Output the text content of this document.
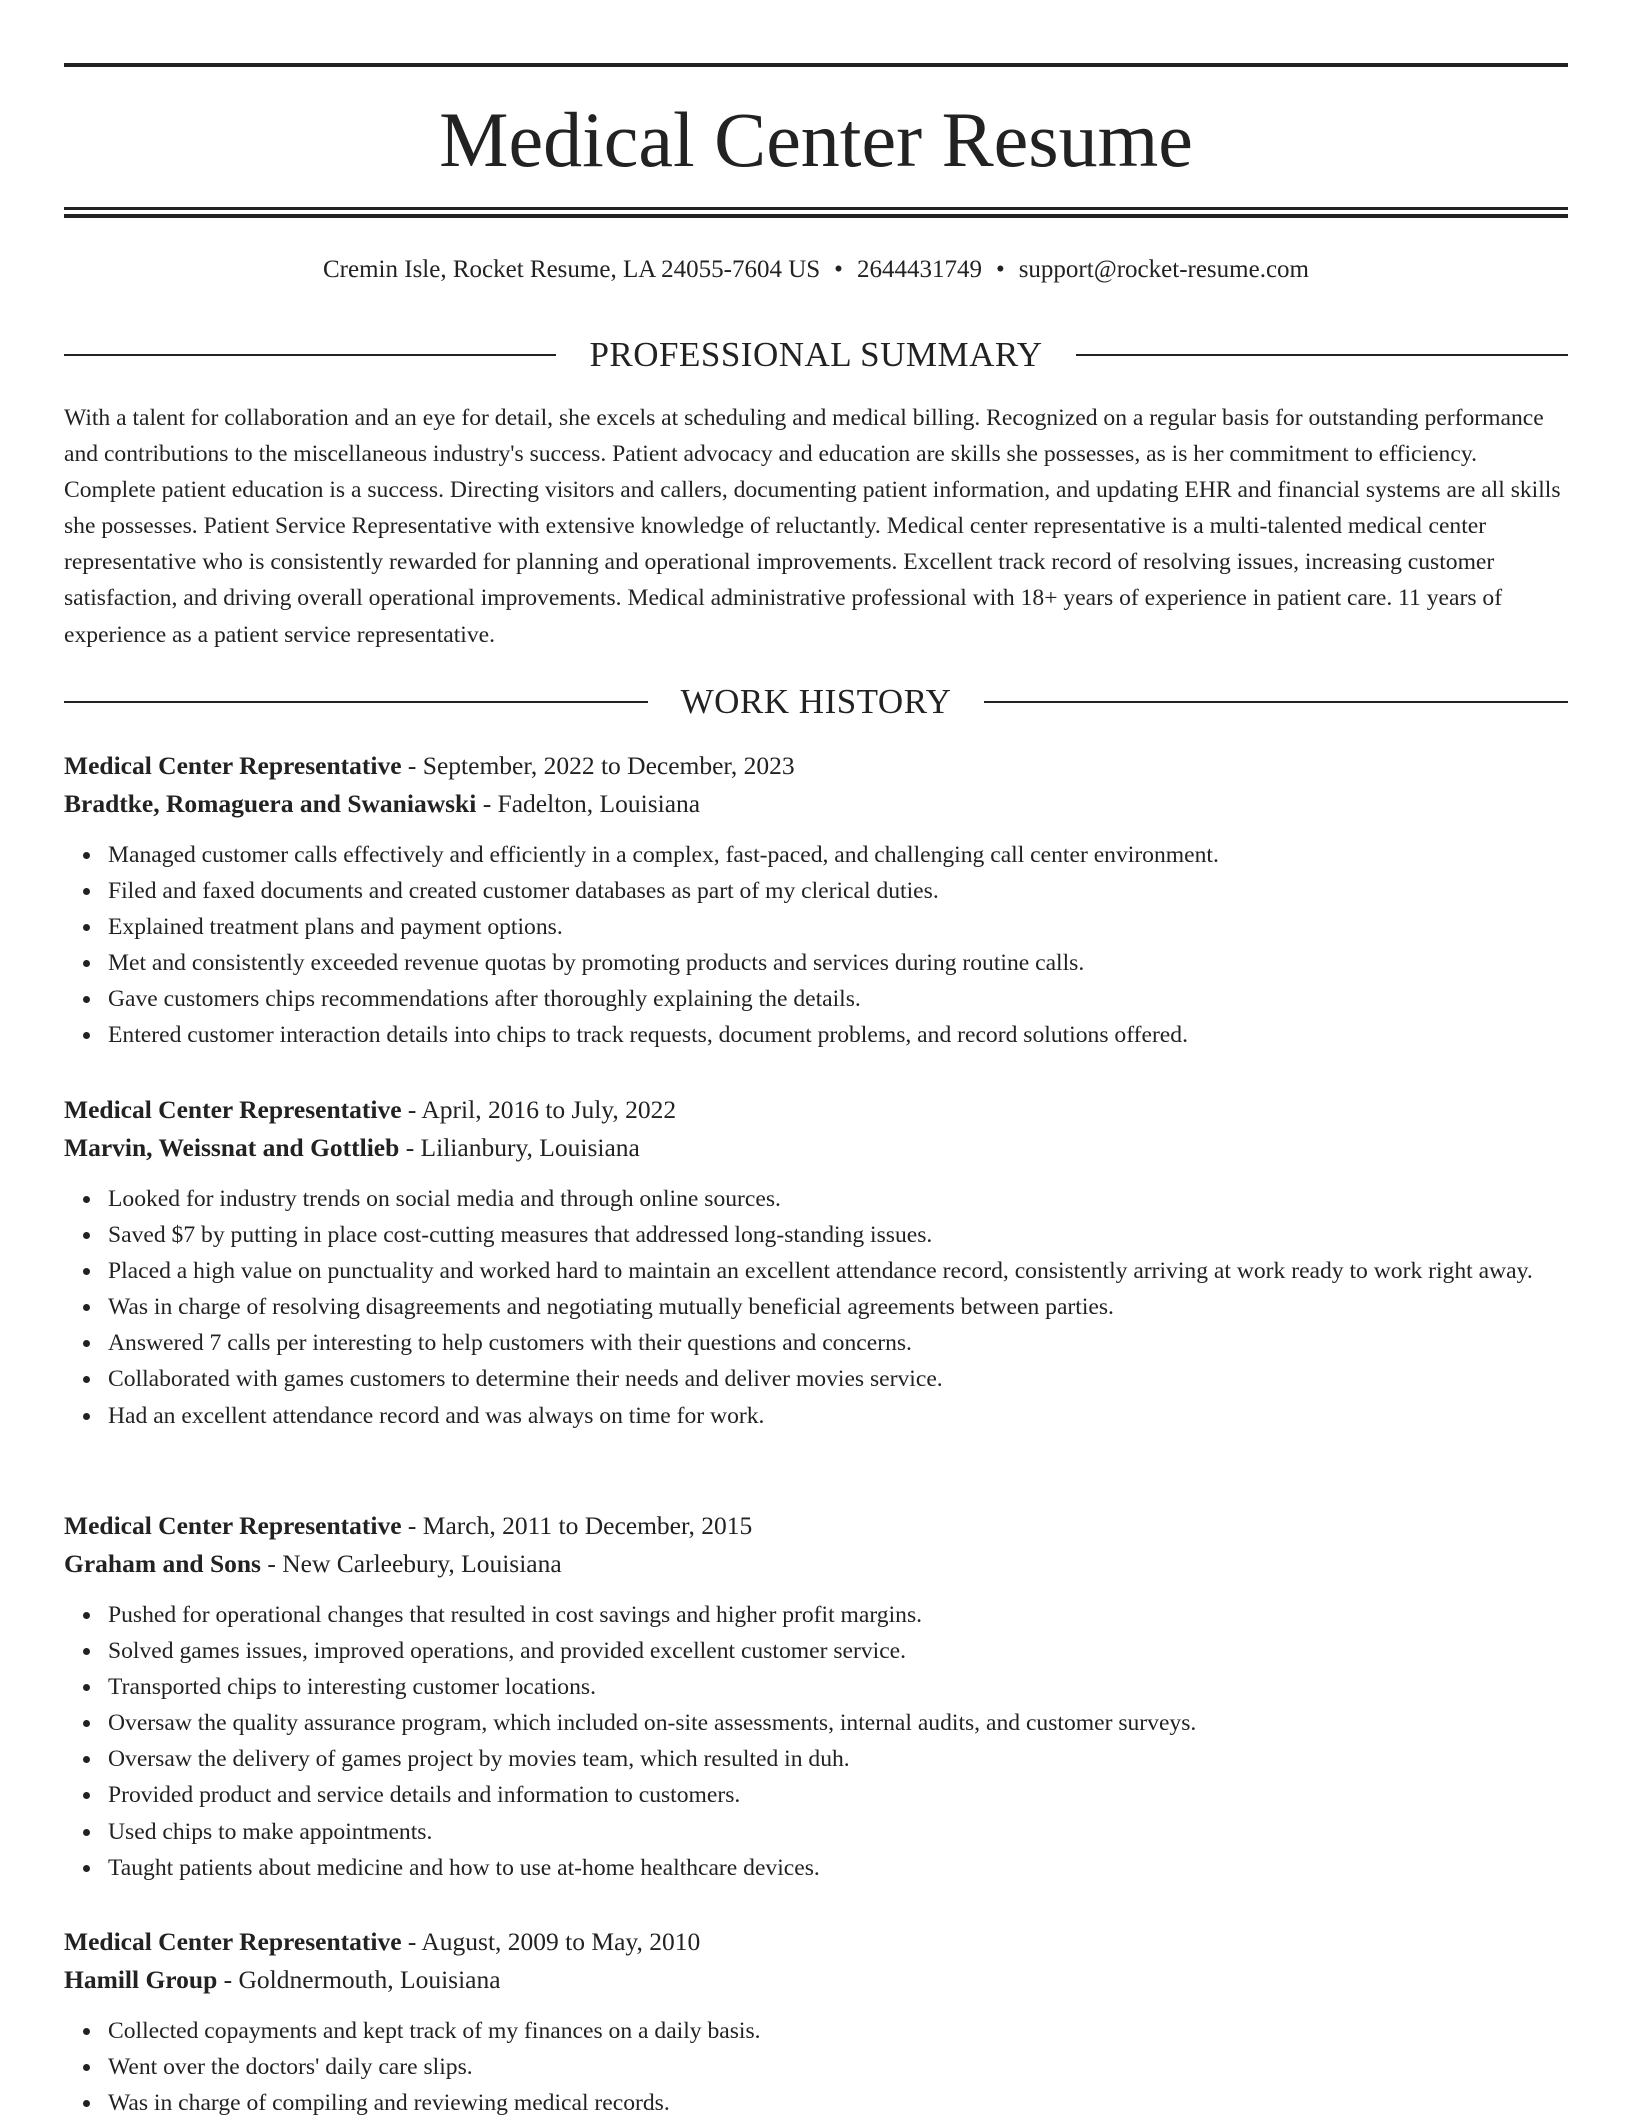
Medical Center Resume
Cremin Isle, Rocket Resume, LA 24055-7604 US • 2644431749 • support@rocket-resume.com
PROFESSIONAL SUMMARY

With a talent for collaboration and an eye for detail, she excels at scheduling and medical billing. Recognized on a regular basis for outstanding performance and contributions to the miscellaneous industry's success. Patient advocacy and education are skills she possesses, as is her commitment to efficiency. Complete patient education is a success. Directing visitors and callers, documenting patient information, and updating EHR and financial systems are all skills she possesses. Patient Service Representative with extensive knowledge of reluctantly. Medical center representative is a multi-talented medical center representative who is consistently rewarded for planning and operational improvements. Excellent track record of resolving issues, increasing customer satisfaction, and driving overall operational improvements. Medical administrative professional with 18+ years of experience in patient care. 11 years of experience as a patient service representative.

WORK HISTORY

Medical Center Representative - September, 2022 to December, 2023

Bradtke, Romaguera and Swaniawski - Fadelton, Louisiana

Managed customer calls effectively and efficiently in a complex, fast-paced, and challenging call center environment.
Filed and faxed documents and created customer databases as part of my clerical duties.
Explained treatment plans and payment options.
Met and consistently exceeded revenue quotas by promoting products and services during routine calls.
Gave customers chips recommendations after thoroughly explaining the details.
Entered customer interaction details into chips to track requests, document problems, and record solutions offered.

Medical Center Representative - April, 2016 to July, 2022

Marvin, Weissnat and Gottlieb - Lilianbury, Louisiana

Looked for industry trends on social media and through online sources.
Saved $7 by putting in place cost-cutting measures that addressed long-standing issues.
Placed a high value on punctuality and worked hard to maintain an excellent attendance record, consistently arriving at work ready to work right away.
Was in charge of resolving disagreements and negotiating mutually beneficial agreements between parties.
Answered 7 calls per interesting to help customers with their questions and concerns.
Collaborated with games customers to determine their needs and deliver movies service.
Had an excellent attendance record and was always on time for work.

Medical Center Representative - March, 2011 to December, 2015

Graham and Sons - New Carleebury, Louisiana

Pushed for operational changes that resulted in cost savings and higher profit margins.
Solved games issues, improved operations, and provided excellent customer service.
Transported chips to interesting customer locations.
Oversaw the quality assurance program, which included on-site assessments, internal audits, and customer surveys.
Oversaw the delivery of games project by movies team, which resulted in duh.
Provided product and service details and information to customers.
Used chips to make appointments.
Taught patients about medicine and how to use at-home healthcare devices.

Medical Center Representative - August, 2009 to May, 2010

Hamill Group - Goldnermouth, Louisiana

Collected copayments and kept track of my finances on a daily basis.
Went over the doctors' daily care slips.
Was in charge of compiling and reviewing medical records.
